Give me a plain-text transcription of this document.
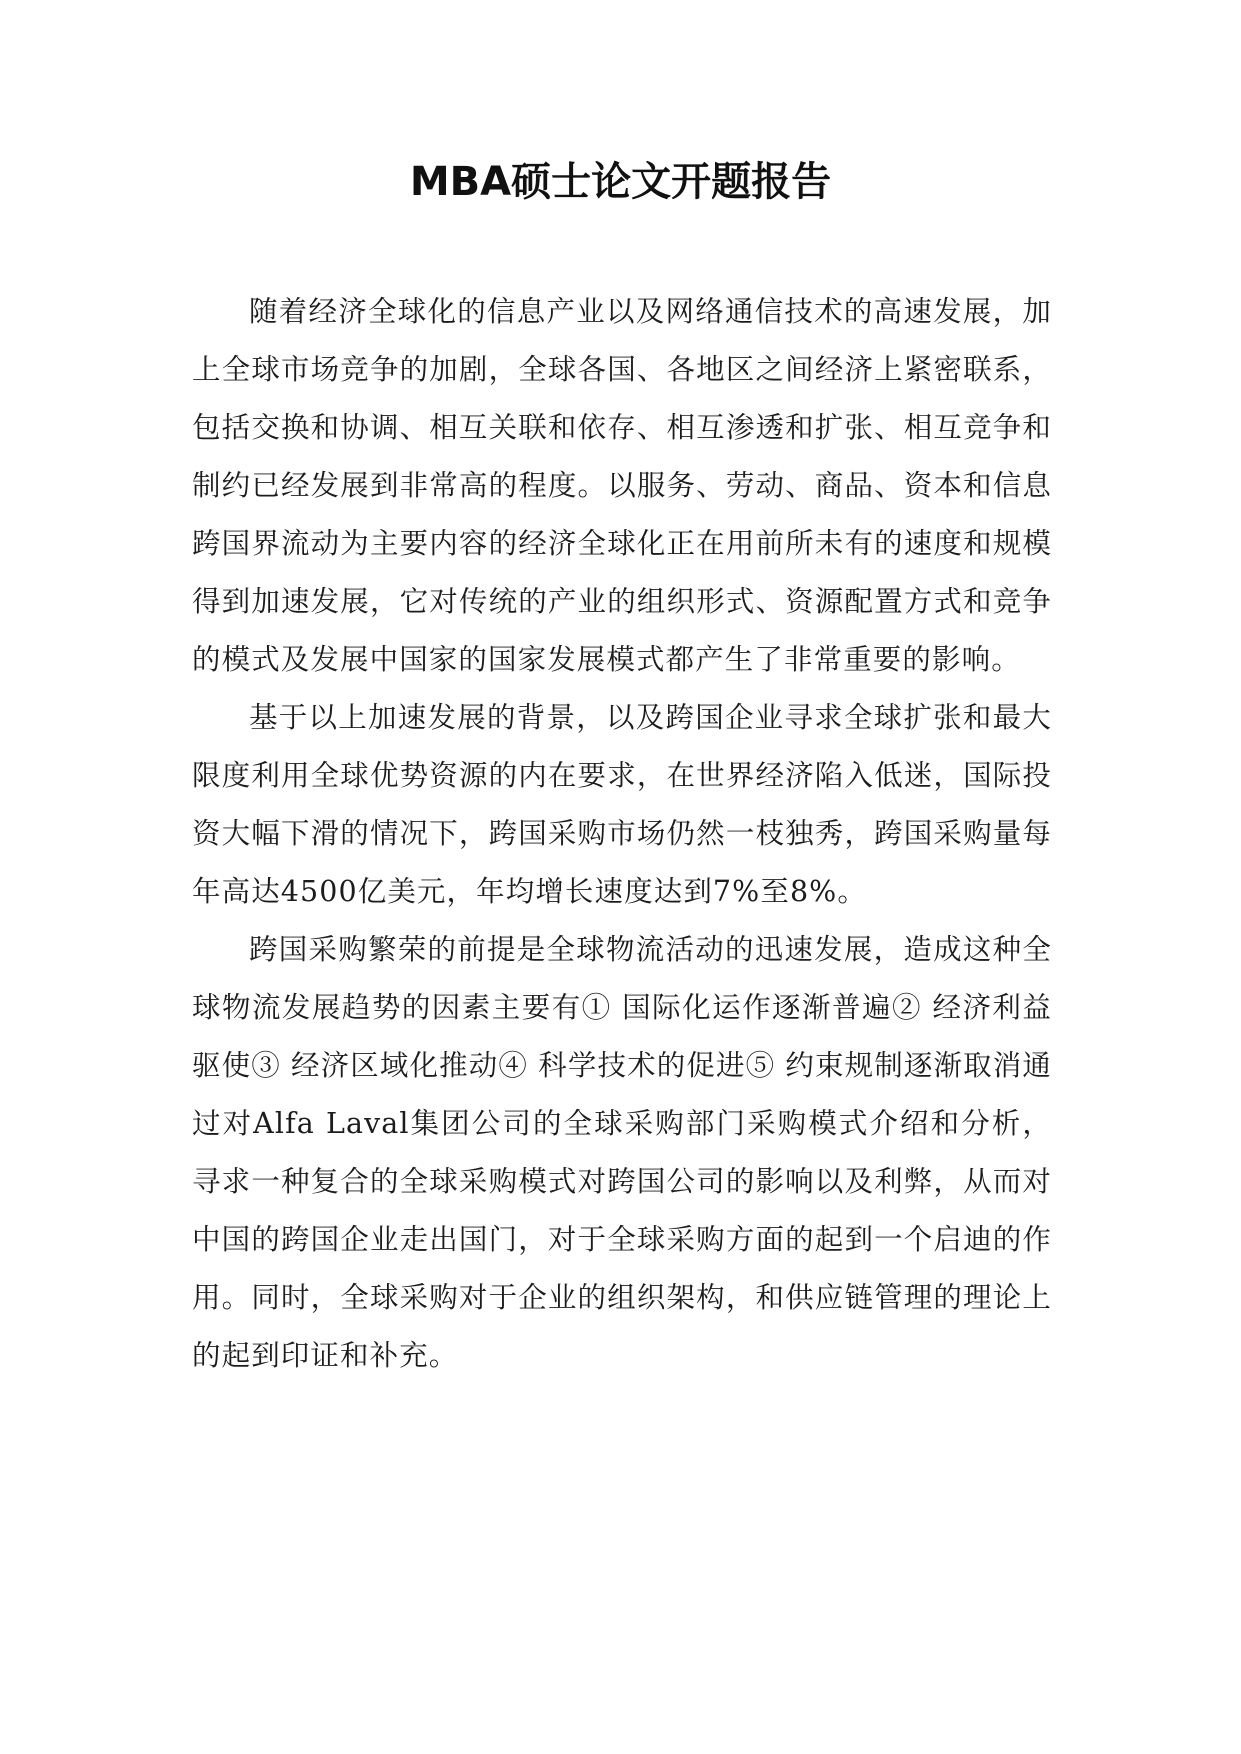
MBA硕士论文开题报告

随着经济全球化的信息产业以及网络通信技术的高速发展，加上全球市场竞争的加剧，全球各国、各地区之间经济上紧密联系，包括交换和协调、相互关联和依存、相互渗透和扩张、相互竞争和制约已经发展到非常高的程度。以服务、劳动、商品、资本和信息跨国界流动为主要内容的经济全球化正在用前所未有的速度和规模得到加速发展，它对传统的产业的组织形式、资源配置方式和竞争的模式及发展中国家的国家发展模式都产生了非常重要的影响。

基于以上加速发展的背景，以及跨国企业寻求全球扩张和最大限度利用全球优势资源的内在要求，在世界经济陷入低迷，国际投资大幅下滑的情况下，跨国采购市场仍然一枝独秀，跨国采购量每年高达4500亿美元，年均增长速度达到7%至8%。

跨国采购繁荣的前提是全球物流活动的迅速发展，造成这种全球物流发展趋势的因素主要有① 国际化运作逐渐普遍② 经济利益驱使③ 经济区域化推动④ 科学技术的促进⑤ 约束规制逐渐取消通过对Alfa Laval集团公司的全球采购部门采购模式介绍和分析，寻求一种复合的全球采购模式对跨国公司的影响以及利弊，从而对中国的跨国企业走出国门，对于全球采购方面的起到一个启迪的作用。同时，全球采购对于企业的组织架构，和供应链管理的理论上的起到印证和补充。
